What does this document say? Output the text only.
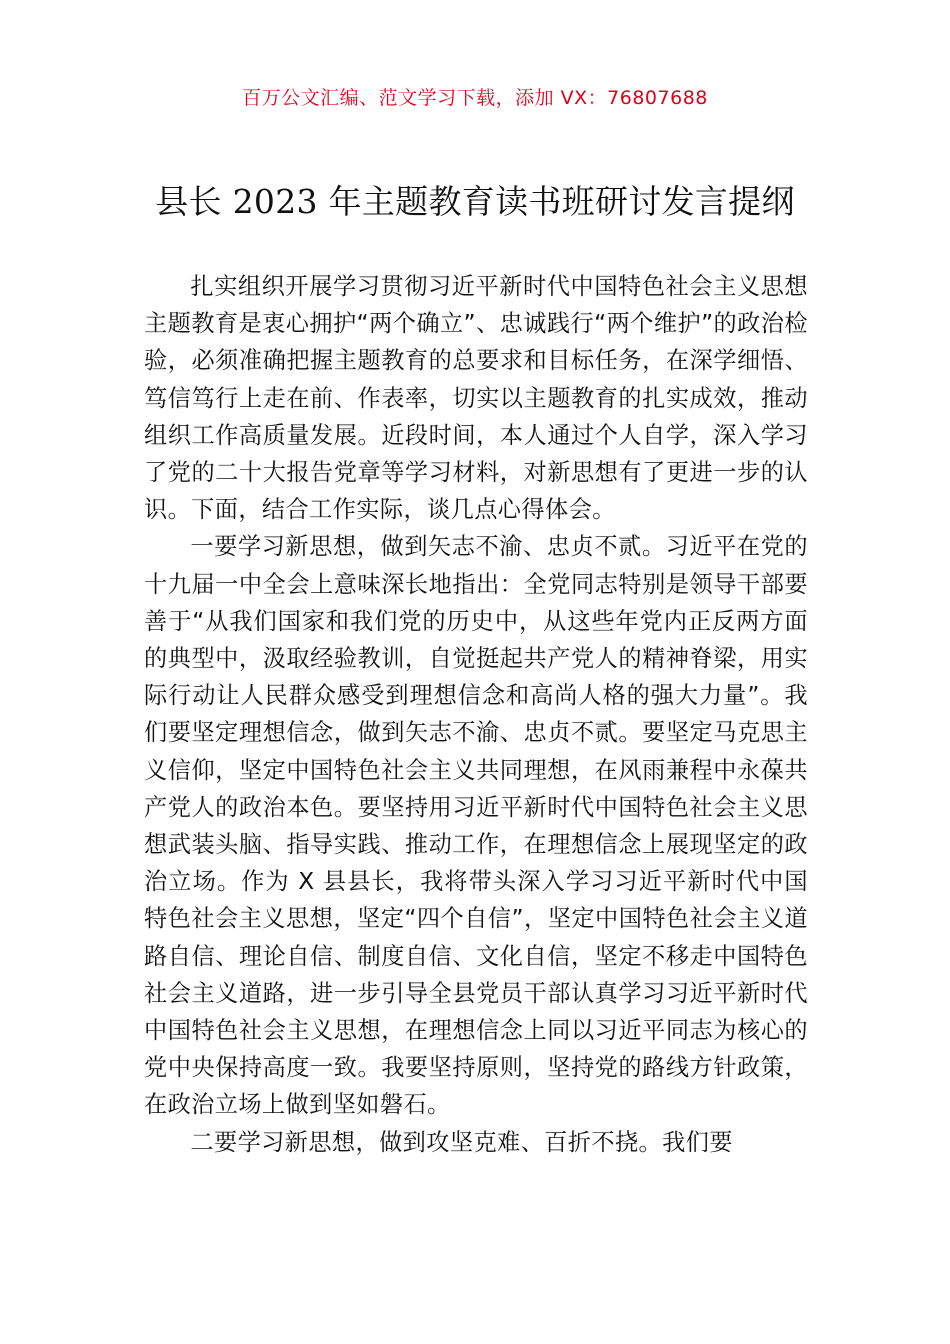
百万公文汇编、范文学习下载，添加 VX：76807688
县长 2023 年主题教育读书班研讨发言提纲

扎实组织开展学习贯彻习近平新时代中国特色社会主义思想主题教育是衷心拥护“两个确立”、忠诚践行“两个维护”的政治检验，必须准确把握主题教育的总要求和目标任务，在深学细悟、笃信笃行上走在前、作表率，切实以主题教育的扎实成效，推动组织工作高质量发展。近段时间，本人通过个人自学，深入学习了党的二十大报告党章等学习材料，对新思想有了更进一步的认识。下面，结合工作实际，谈几点心得体会。

一要学习新思想，做到矢志不渝、忠贞不贰。习近平在党的十九届一中全会上意味深长地指出：全党同志特别是领导干部要善于“从我们国家和我们党的历史中，从这些年党内正反两方面的典型中，汲取经验教训，自觉挺起共产党人的精神脊梁，用实际行动让人民群众感受到理想信念和高尚人格的强大力量”。我们要坚定理想信念，做到矢志不渝、忠贞不贰。要坚定马克思主义信仰，坚定中国特色社会主义共同理想，在风雨兼程中永葆共产党人的政治本色。要坚持用习近平新时代中国特色社会主义思想武装头脑、指导实践、推动工作，在理想信念上展现坚定的政治立场。作为 X 县县长，我将带头深入学习习近平新时代中国特色社会主义思想，坚定“四个自信”，坚定中国特色社会主义道路自信、理论自信、制度自信、文化自信，坚定不移走中国特色社会主义道路，进一步引导全县党员干部认真学习习近平新时代中国特色社会主义思想，在理想信念上同以习近平同志为核心的党中央保持高度一致。我要坚持原则，坚持党的路线方针政策，在政治立场上做到坚如磐石。

二要学习新思想，做到攻坚克难、百折不挠。我们要
